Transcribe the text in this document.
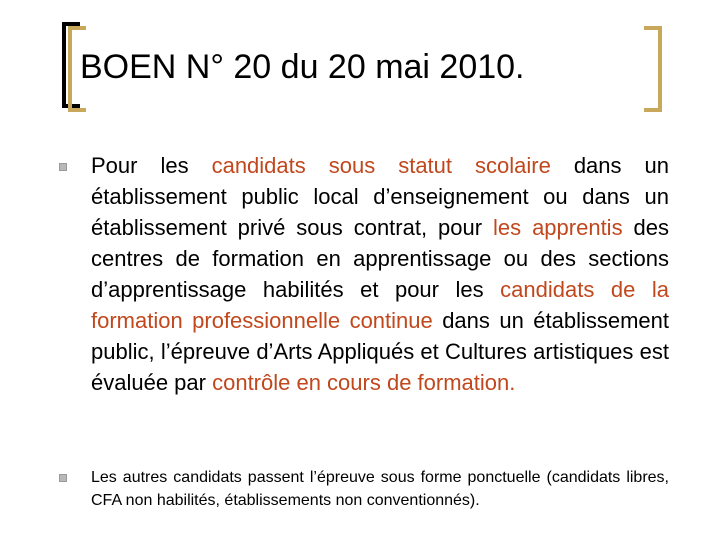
BOEN N° 20 du 20 mai 2010.

Pour les candidats sous statut scolaire dans un établissement public local d’enseignement ou dans un établissement privé sous contrat, pour les apprentis des centres de formation en apprentissage ou des sections d’apprentissage habilités et pour les candidats de la formation professionnelle continue dans un établissement public, l’épreuve d’Arts Appliqués et Cultures artistiques est évaluée par contrôle en cours de formation.

Les autres candidats passent l’épreuve sous forme ponctuelle (candidats libres, CFA non habilités, établissements non conventionnés).
